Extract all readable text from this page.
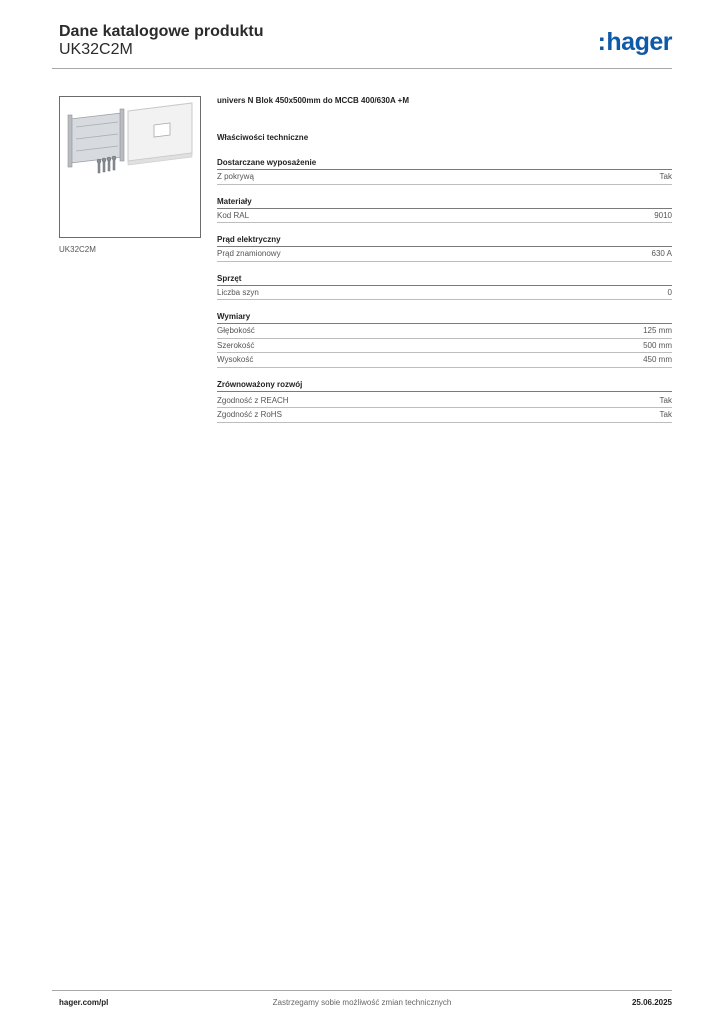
Dane katalogowe produktu
UK32C2M	:hager
UK32C2M
univers N Blok 450x500mm do MCCB 400/630A +M
Właściwości techniczne
Dostarczane wyposażenie
Z pokrywą	Tak
Materiały
Kod RAL	9010
Prąd elektryczny
Prąd znamionowy	630 A
Sprzęt
Liczba szyn	0
Wymiary
Głębokość	125 mm
Szerokość	500 mm
Wysokość	450 mm
Zrównoważony rozwój
Zgodność z REACH	Tak
Zgodność z RoHS	Tak
hager.com/pl	Zastrzegamy sobie możliwość zmian technicznych	25.06.2025
